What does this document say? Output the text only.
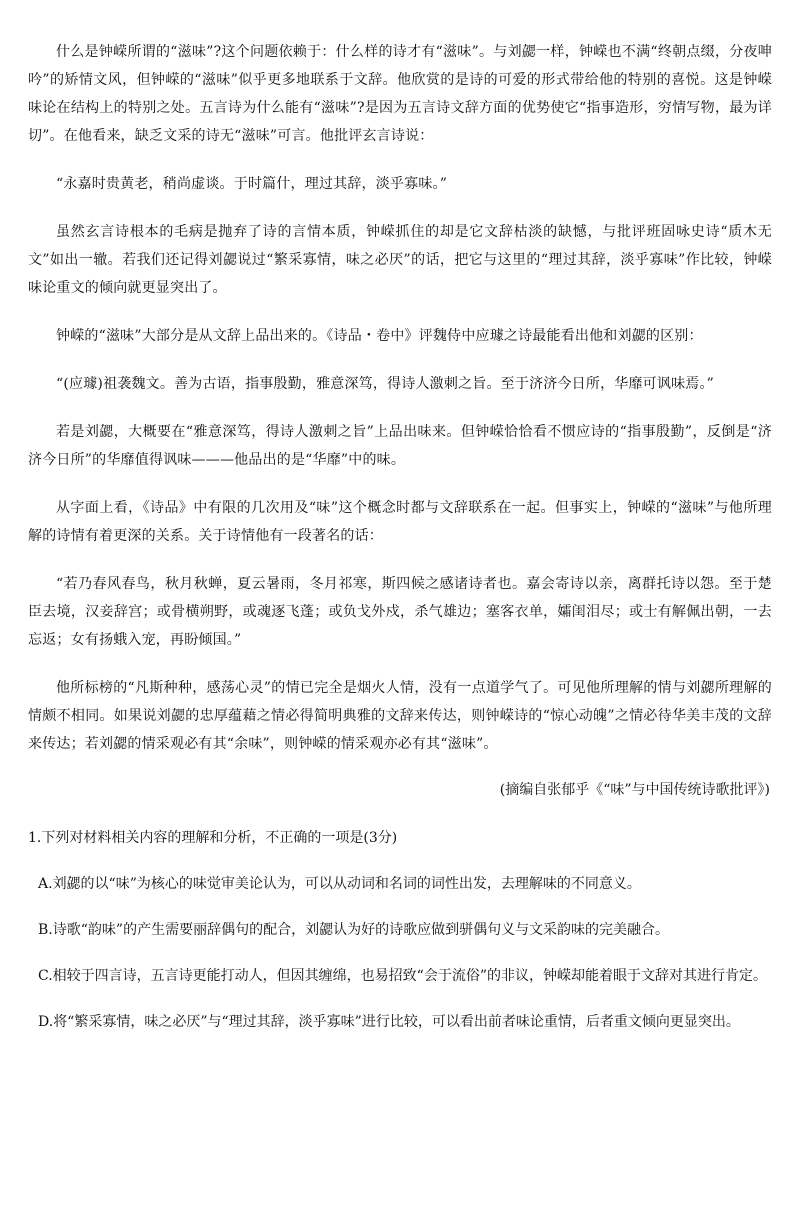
什么是钟嵘所谓的“滋味”?这个问题依赖于：什么样的诗才有“滋味”。与刘勰一样，钟嵘也不满“终朝点缀，分夜呻吟”的矫情文风，但钟嵘的“滋味”似乎更多地联系于文辞。他欣赏的是诗的可爱的形式带给他的特别的喜悦。这是钟嵘味论在结构上的特别之处。五言诗为什么能有“滋味”?是因为五言诗文辞方面的优势使它“指事造形，穷情写物，最为详切”。在他看来，缺乏文采的诗无“滋味”可言。他批评玄言诗说：

“永嘉时贵黄老，稍尚虚谈。于时篇什，理过其辞，淡乎寡味。”

虽然玄言诗根本的毛病是抛弃了诗的言情本质，钟嵘抓住的却是它文辞枯淡的缺憾，与批评班固咏史诗“质木无文”如出一辙。若我们还记得刘勰说过“繁采寡情，味之必厌”的话，把它与这里的“理过其辞，淡乎寡味”作比较，钟嵘味论重文的倾向就更显突出了。

钟嵘的“滋味”大部分是从文辞上品出来的。《诗品・卷中》评魏侍中应璩之诗最能看出他和刘勰的区别：

“(应璩)祖袭魏文。善为古语，指事殷勤，雅意深笃，得诗人激刺之旨。至于济济今日所，华靡可讽味焉。”

若是刘勰，大概要在“雅意深笃，得诗人激刺之旨”上品出味来。但钟嵘恰恰看不惯应诗的“指事殷勤”，反倒是“济济今日所”的华靡值得讽味———他品出的是“华靡”中的味。

从字面上看，《诗品》中有限的几次用及“味”这个概念时都与文辞联系在一起。但事实上，钟嵘的“滋味”与他所理解的诗情有着更深的关系。关于诗情他有一段著名的话：

“若乃春风春鸟，秋月秋蝉，夏云暑雨，冬月祁寒，斯四候之感诸诗者也。嘉会寄诗以亲，离群托诗以怨。至于楚臣去境，汉妾辞宫；或骨横朔野，或魂逐飞蓬；或负戈外戍，杀气雄边；塞客衣单，孀闺泪尽；或士有解佩出朝，一去忘返；女有扬蛾入宠，再盼倾国。”

他所标榜的“凡斯种种，感荡心灵”的情已完全是烟火人情，没有一点道学气了。可见他所理解的情与刘勰所理解的情颇不相同。如果说刘勰的忠厚蕴藉之情必得简明典雅的文辞来传达，则钟嵘诗的“惊心动魄”之情必待华美丰茂的文辞来传达；若刘勰的情采观必有其“余味”，则钟嵘的情采观亦必有其“滋味”。

(摘编自张郁乎《“味”与中国传统诗歌批评》)

1.下列对材料相关内容的理解和分析，不正确的一项是(3分)

A.刘勰的以“味”为核心的味觉审美论认为，可以从动词和名词的词性出发，去理解味的不同意义。

B.诗歌“韵味”的产生需要丽辞偶句的配合，刘勰认为好的诗歌应做到骈偶句义与文采韵味的完美融合。

C.相较于四言诗，五言诗更能打动人，但因其缠绵，也易招致“会于流俗”的非议，钟嵘却能着眼于文辞对其进行肯定。

D.将“繁采寡情，味之必厌”与“理过其辞，淡乎寡味”进行比较，可以看出前者味论重情，后者重文倾向更显突出。
